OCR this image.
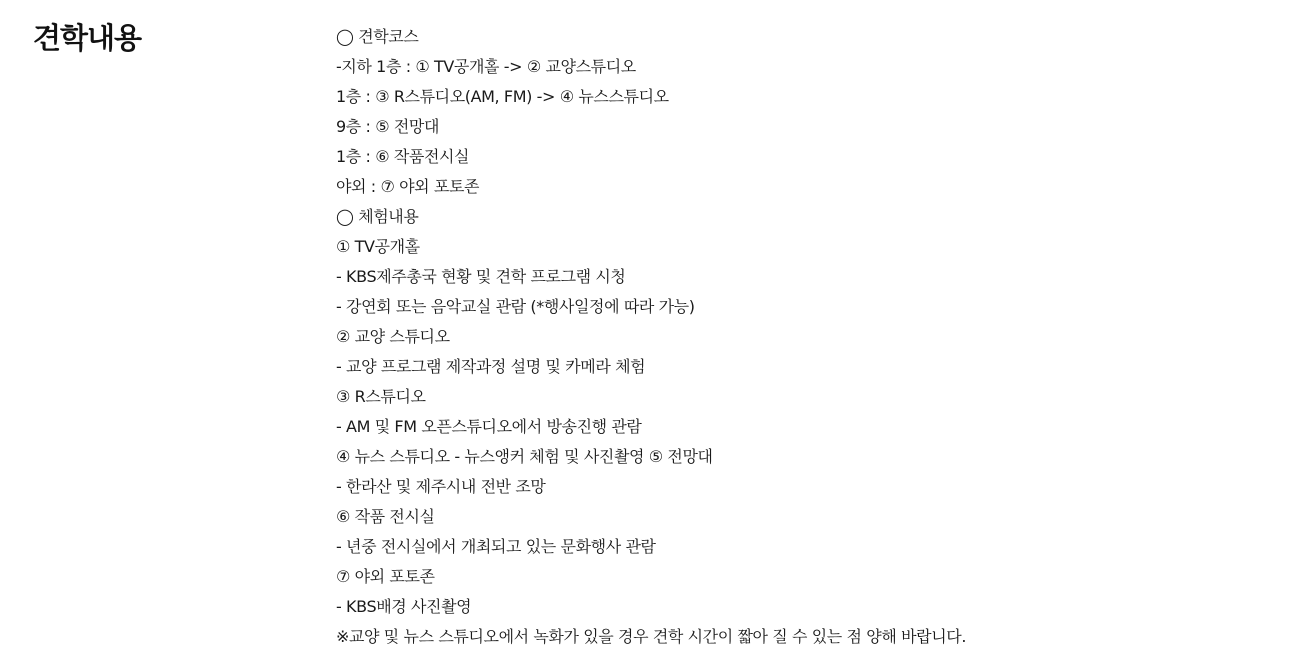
견학내용	◯ 견학코스
-지하 1층 : ① TV공개홀 -> ② 교양스튜디오
1층 : ③ R스튜디오(AM, FM) -> ④ 뉴스스튜디오
9층 : ⑤ 전망대
1층 : ⑥ 작품전시실
야외 : ⑦ 야외 포토존
◯ 체험내용
① TV공개홀
- KBS제주총국 현황 및 견학 프로그램 시청
- 강연회 또는 음악교실 관람 (*행사일정에 따라 가능)
② 교양 스튜디오
- 교양 프로그램 제작과정 설명 및 카메라 체험
③ R스튜디오
- AM 및 FM 오픈스튜디오에서 방송진행 관람
④ 뉴스 스튜디오 - 뉴스앵커 체험 및 사진촬영 ⑤ 전망대
- 한라산 및 제주시내 전반 조망
⑥ 작품 전시실
- 년중 전시실에서 개최되고 있는 문화행사 관람
⑦ 야외 포토존
- KBS배경 사진촬영
※교양 및 뉴스 스튜디오에서 녹화가 있을 경우 견학 시간이 짧아 질 수 있는 점 양해 바랍니다.
